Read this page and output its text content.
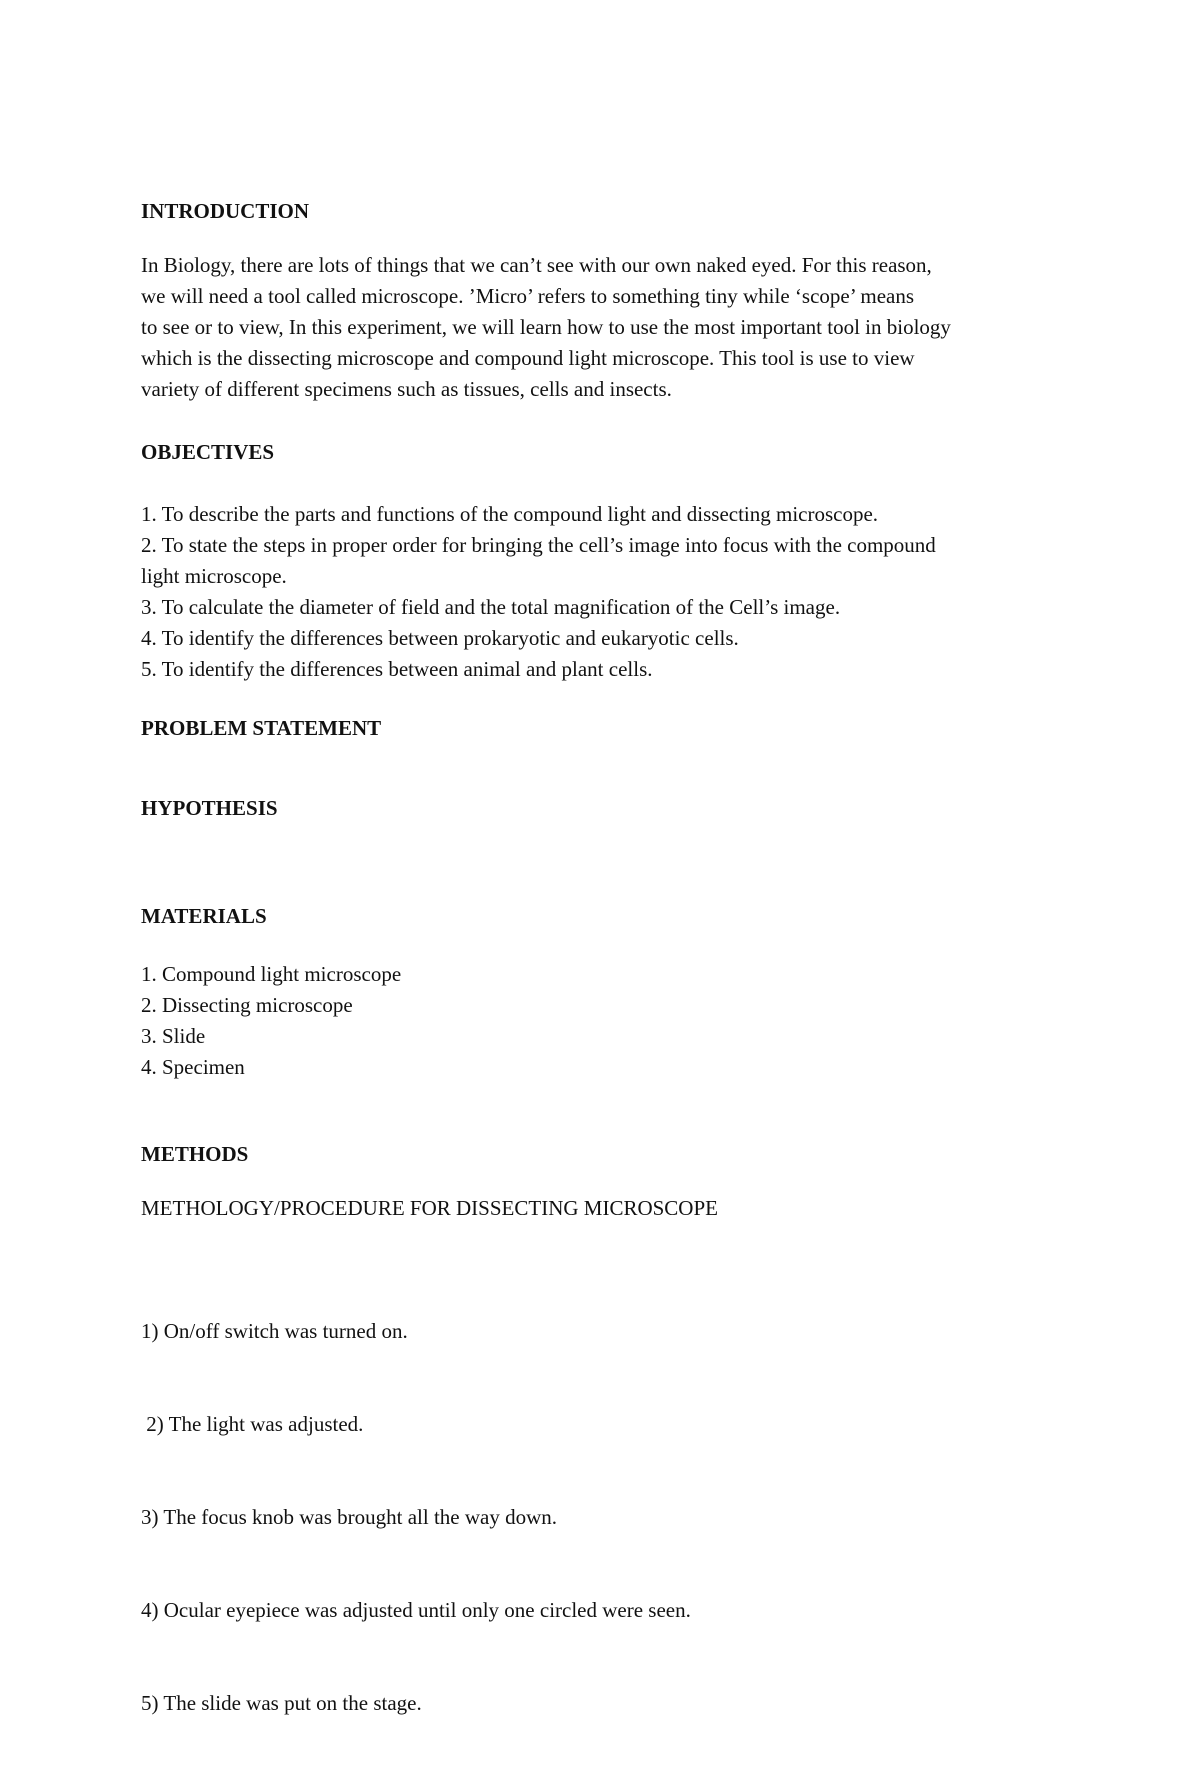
INTRODUCTION
In Biology, there are lots of things that we can’t see with our own naked eyed. For this reason,
we will need a tool called microscope. ’Micro’ refers to something tiny while ‘scope’ means
to see or to view, In this experiment, we will learn how to use the most important tool in biology
which is the dissecting microscope and compound light microscope. This tool is use to view
variety of different specimens such as tissues, cells and insects.
OBJECTIVES
1. To describe the parts and functions of the compound light and dissecting microscope.
2. To state the steps in proper order for bringing the cell’s image into focus with the compound
light microscope.
3. To calculate the diameter of field and the total magnification of the Cell’s image.
4. To identify the differences between prokaryotic and eukaryotic cells.
5. To identify the differences between animal and plant cells.
PROBLEM STATEMENT
HYPOTHESIS
MATERIALS
1. Compound light microscope
2. Dissecting microscope
3. Slide
4. Specimen
METHODS
METHOLOGY/PROCEDURE FOR DISSECTING MICROSCOPE

1) On/off switch was turned on.

2) The light was adjusted.

3) The focus knob was brought all the way down.

4) Ocular eyepiece was adjusted until only one circled were seen.

5) The slide was put on the stage.
